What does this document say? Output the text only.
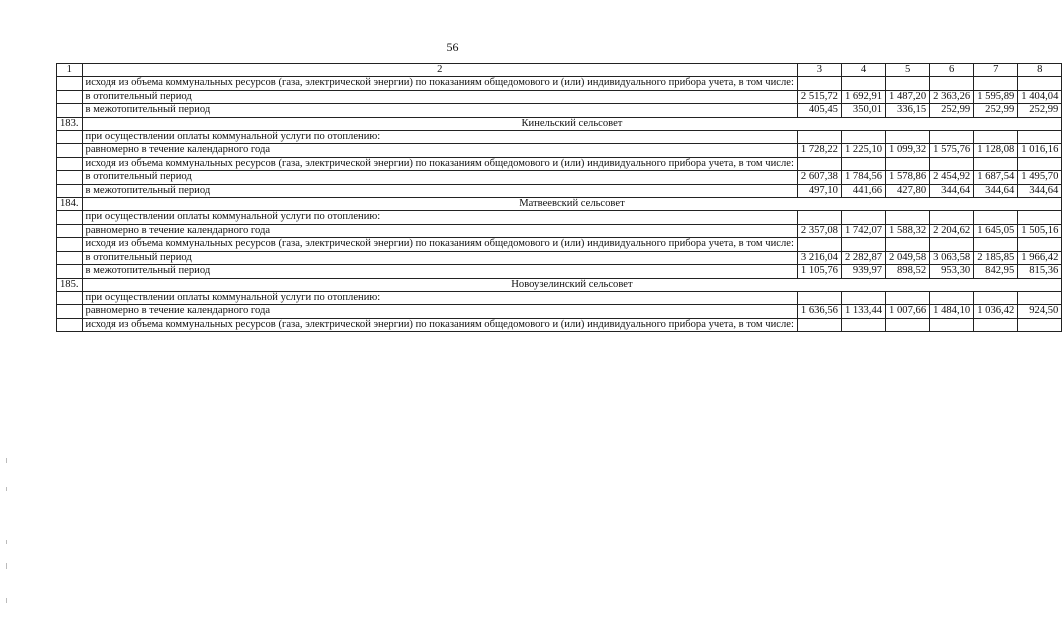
56
1	2	3	4	5	6	7	8
	исходя из объема коммунальных ресурсов (газа, электрической энергии) по показаниям общедомового и (или) индивидуального прибора учета, в том числе:						
	в отопительный период	2 515,72	1 692,91	1 487,20	2 363,26	1 595,89	1 404,04
	в межотопительный период	405,45	350,01	336,15	252,99	252,99	252,99
183.	Кинельский сельсовет						
	при осуществлении оплаты коммунальной услуги по отоплению:						
	равномерно в течение календарного года	1 728,22	1 225,10	1 099,32	1 575,76	1 128,08	1 016,16
	исходя из объема коммунальных ресурсов (газа, электрической энергии) по показаниям общедомового и (или) индивидуального прибора учета, в том числе:						
	в отопительный период	2 607,38	1 784,56	1 578,86	2 454,92	1 687,54	1 495,70
	в межотопительный период	497,10	441,66	427,80	344,64	344,64	344,64
184.	Матвеевский сельсовет						
	при осуществлении оплаты коммунальной услуги по отоплению:						
	равномерно в течение календарного года	2 357,08	1 742,07	1 588,32	2 204,62	1 645,05	1 505,16
	исходя из объема коммунальных ресурсов (газа, электрической энергии) по показаниям общедомового и (или) индивидуального прибора учета, в том числе:						
	в отопительный период	3 216,04	2 282,87	2 049,58	3 063,58	2 185,85	1 966,42
	в межотопительный период	1 105,76	939,97	898,52	953,30	842,95	815,36
185.	Новоузелинский сельсовет						
	при осуществлении оплаты коммунальной услуги по отоплению:						
	равномерно в течение календарного года	1 636,56	1 133,44	1 007,66	1 484,10	1 036,42	924,50
	исходя из объема коммунальных ресурсов (газа, электрической энергии) по показаниям общедомового и (или) индивидуального прибора учета, в том числе:						
